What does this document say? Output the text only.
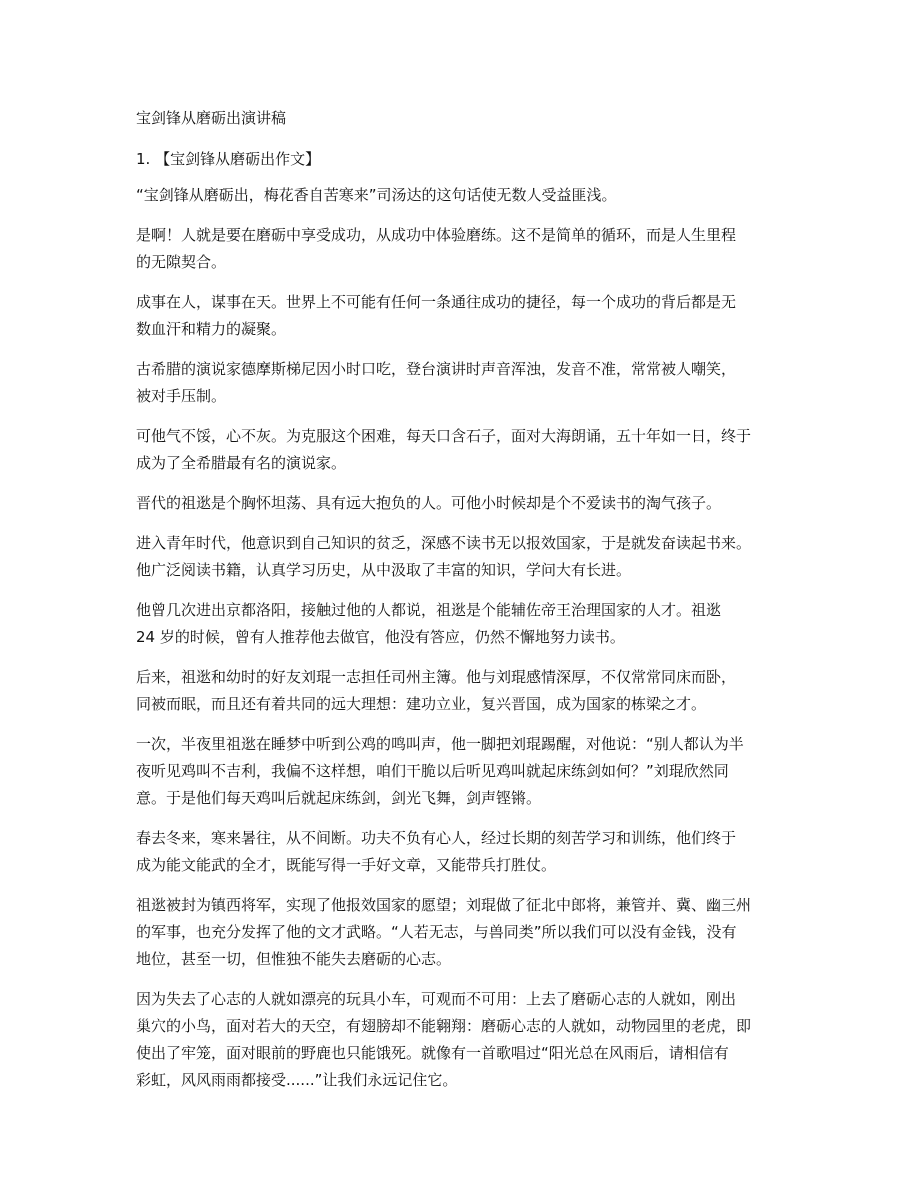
宝剑锋从磨砺出演讲稿
1. 【宝剑锋从磨砺出作文】

“宝剑锋从磨砺出，梅花香自苦寒来”司汤达的这句话使无数人受益匪浅。

是啊！人就是要在磨砺中享受成功，从成功中体验磨练。这不是简单的循环，而是人生里程
的无隙契合。

成事在人，谋事在天。世界上不可能有任何一条通往成功的捷径，每一个成功的背后都是无
数血汗和精力的凝聚。

古希腊的演说家德摩斯梯尼因小时口吃，登台演讲时声音浑浊，发音不准，常常被人嘲笑，
被对手压制。

可他气不馁，心不灰。为克服这个困难，每天口含石子，面对大海朗诵，五十年如一日，终于
成为了全希腊最有名的演说家。

晋代的祖逖是个胸怀坦荡、具有远大抱负的人。可他小时候却是个不爱读书的淘气孩子。

进入青年时代，他意识到自己知识的贫乏，深感不读书无以报效国家，于是就发奋读起书来。
他广泛阅读书籍，认真学习历史，从中汲取了丰富的知识，学问大有长进。

他曾几次进出京都洛阳，接触过他的人都说，祖逖是个能辅佐帝王治理国家的人才。祖逖
24 岁的时候，曾有人推荐他去做官，他没有答应，仍然不懈地努力读书。

后来，祖逖和幼时的好友刘琨一志担任司州主簿。他与刘琨感情深厚，不仅常常同床而卧，
同被而眠，而且还有着共同的远大理想：建功立业，复兴晋国，成为国家的栋梁之才。

一次，半夜里祖逖在睡梦中听到公鸡的鸣叫声，他一脚把刘琨踢醒，对他说：“别人都认为半
夜听见鸡叫不吉利，我偏不这样想，咱们干脆以后听见鸡叫就起床练剑如何？”刘琨欣然同
意。于是他们每天鸡叫后就起床练剑，剑光飞舞，剑声铿锵。

春去冬来，寒来暑往，从不间断。功夫不负有心人，经过长期的刻苦学习和训练，他们终于
成为能文能武的全才，既能写得一手好文章，又能带兵打胜仗。

祖逖被封为镇西将军，实现了他报效国家的愿望；刘琨做了征北中郎将，兼管并、冀、幽三州
的军事，也充分发挥了他的文才武略。“人若无志，与兽同类”所以我们可以没有金钱，没有
地位，甚至一切，但惟独不能失去磨砺的心志。

因为失去了心志的人就如漂亮的玩具小车，可观而不可用：上去了磨砺心志的人就如，刚出
巢穴的小鸟，面对若大的天空，有翅膀却不能翱翔：磨砺心志的人就如，动物园里的老虎，即
使出了牢笼，面对眼前的野鹿也只能饿死。就像有一首歌唱过“阳光总在风雨后，请相信有
彩虹，风风雨雨都接受......”让我们永远记住它。
